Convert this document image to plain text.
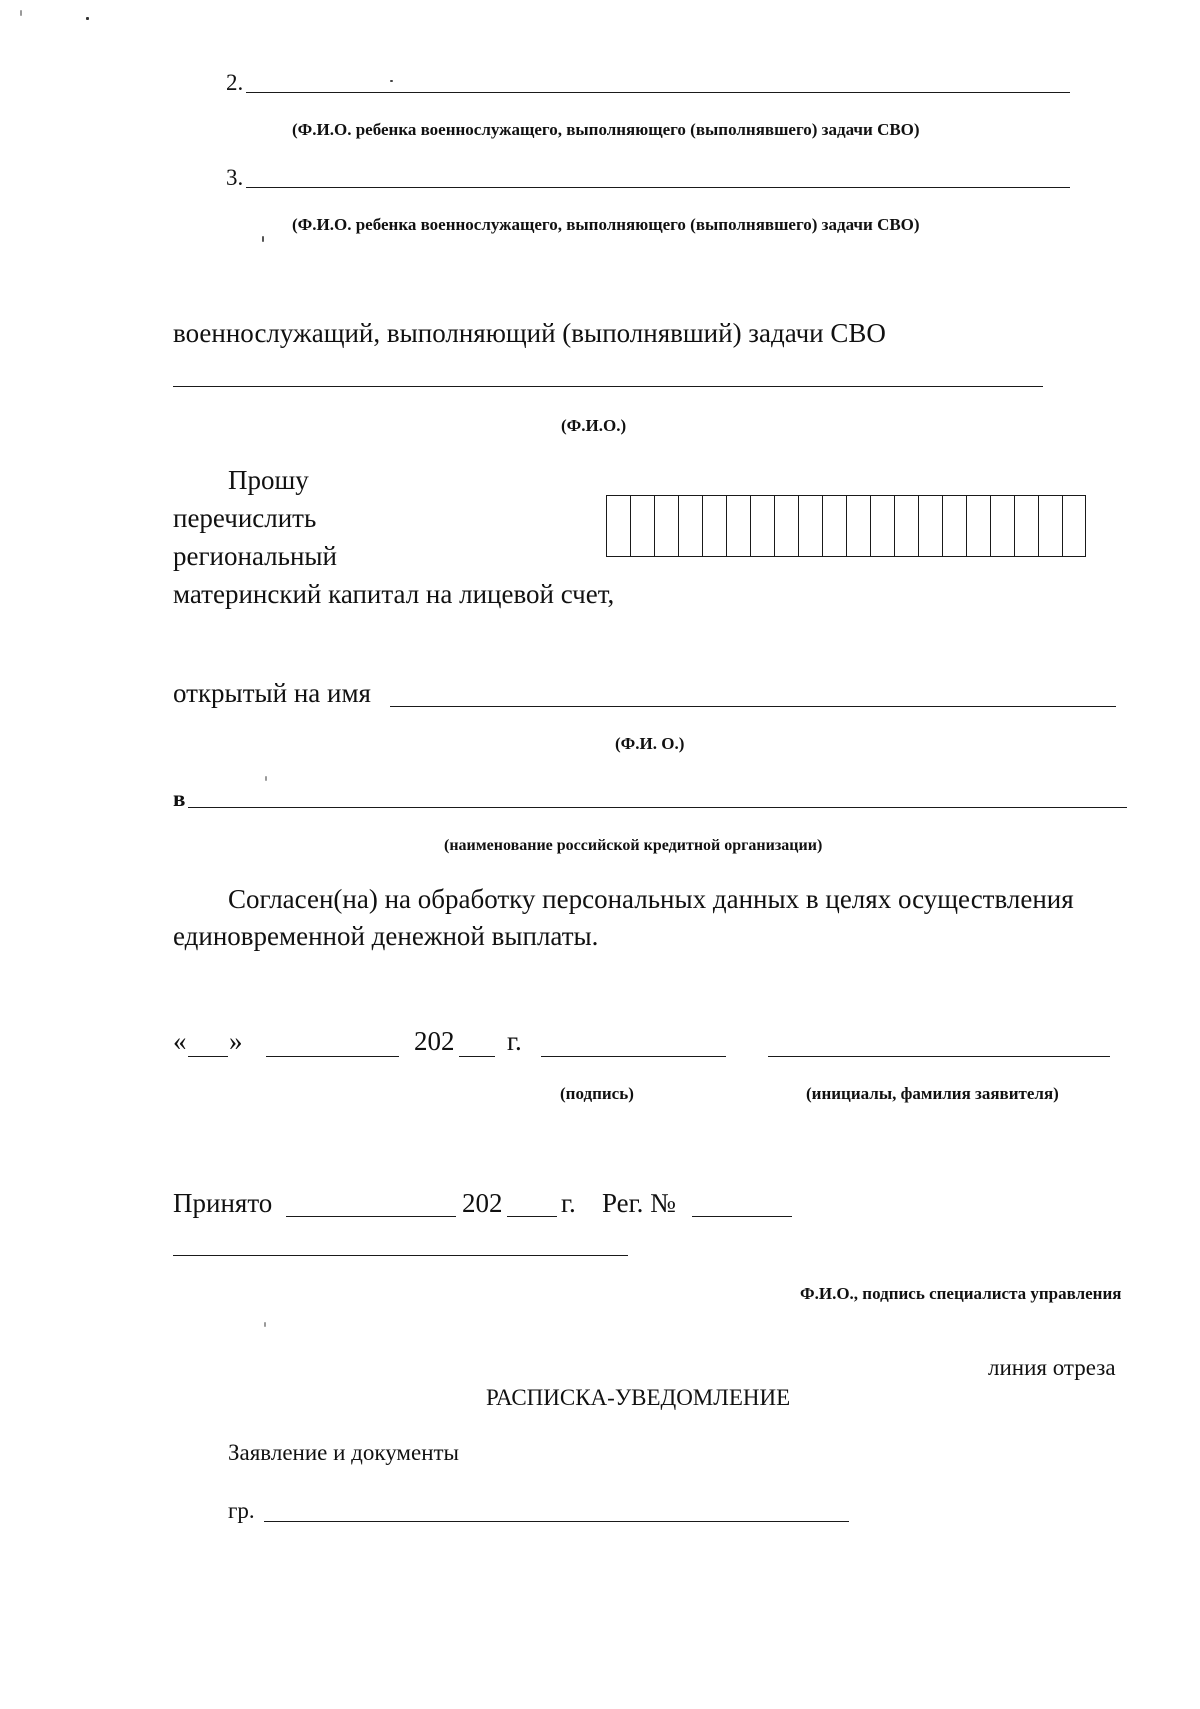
2.
(Ф.И.О. ребенка военнослужащего, выполняющего (выполнявшего) задачи СВО)
3.
(Ф.И.О. ребенка военнослужащего, выполняющего (выполнявшего) задачи СВО)
военнослужащий, выполняющий (выполнявший) задачи СВО
(Ф.И.О.)
Прошу
перечислить
региональный
материнский капитал на лицевой счет,
открытый на имя
(Ф.И. О.)
в
(наименование российской кредитной организации)
Согласен(на) на обработку персональных данных в целях осуществления
единовременной денежной выплаты.
« »	202 г.
(подпись)	(инициалы, фамилия заявителя)
Принято	202 г. Рег. №
Ф.И.О., подпись специалиста управления
линия отреза
РАСПИСКА-УВЕДОМЛЕНИЕ
Заявление и документы
гр.
